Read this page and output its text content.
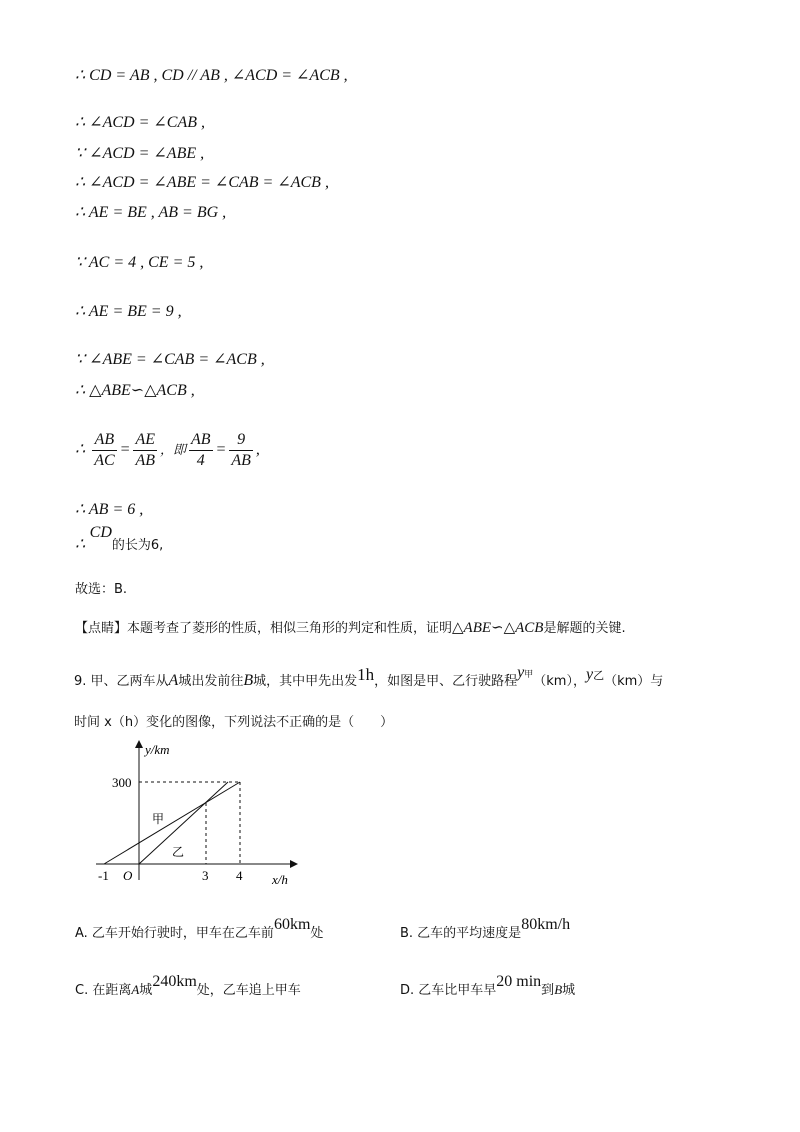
∴ CD = AB , CD // AB , ∠ACD = ∠ACB ,
∴ ∠ACD = ∠CAB ,
∵ ∠ACD = ∠ABE ,
∴ ∠ACD = ∠ABE = ∠CAB = ∠ACB ,
∴ AE = BE , AB = BG ,
∵ AC = 4 , CE = 5 ,
∴ AE = BE = 9 ,
∵ ∠ABE = ∠CAB = ∠ACB ,
∴ △ABE∽△ACB ,
∴ $\frac{AB}{AC} = \frac{AE}{AB}$ ，即 $\frac{AB}{4} = \frac{9}{AB}$ ,
∴ AB = 6 ,
∴ CD的长为6,
故选：B.
【点睛】本题考查了菱形的性质，相似三角形的判定和性质，证明△ABE∽△ACB是解题的关键.
9. 甲、乙两车从A城出发前往B城，其中甲先出发1h，如图是甲、乙行驶路程y甲（km），y乙（km）与
时间 x（h）变化的图像，下列说法不正确的是（　　）
y/km
x/h
300
-1 O	3 4
甲
乙
A. 乙车开始行驶时，甲车在乙车前60km处	B. 乙车的平均速度是80km/h
C. 在距离A城240km处，乙车追上甲车	D. 乙车比甲车早20 min到B城
